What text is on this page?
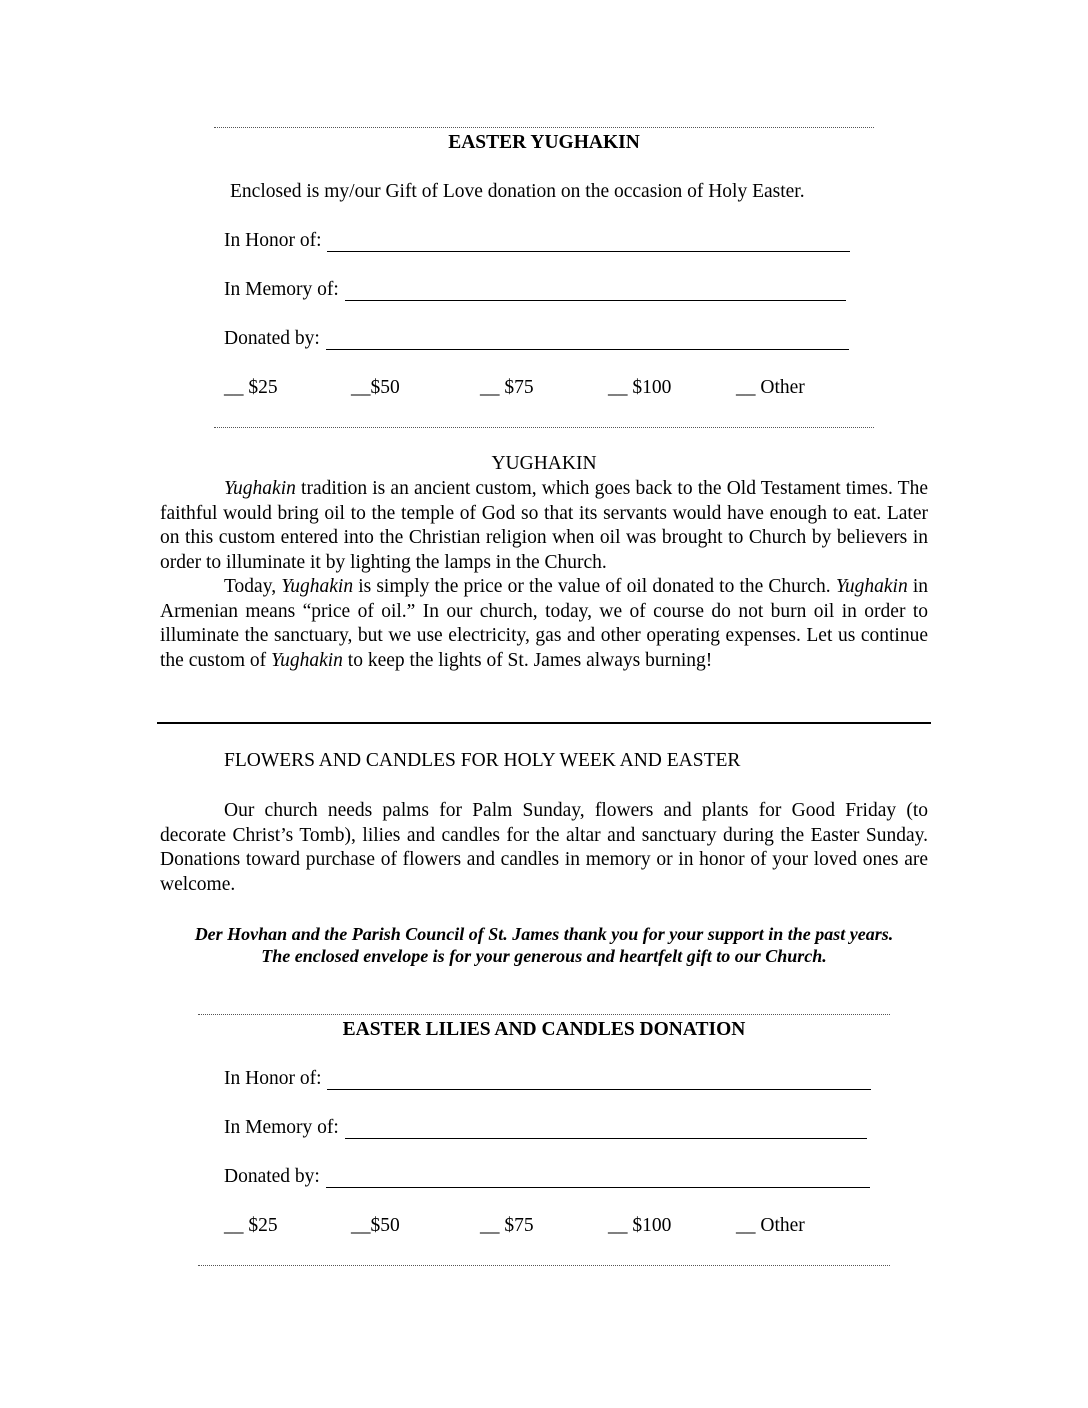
EASTER YUGHAKIN
Enclosed is my/our Gift of Love donation on the occasion of Holy Easter.
In Honor of:
In Memory of:
Donated by:
__ $25	__$50	__ $75	__ $100	__ Other
YUGHAKIN

Yughakin tradition is an ancient custom, which goes back to the Old Testament times. The faithful would bring oil to the temple of God so that its servants would have enough to eat. Later on this custom entered into the Christian religion when oil was brought to Church by believers in order to illuminate it by lighting the lamps in the Church.

Today, Yughakin is simply the price or the value of oil donated to the Church. Yughakin in Armenian means “price of oil.” In our church, today, we of course do not burn oil in order to illuminate the sanctuary, but we use electricity, gas and other operating expenses. Let us continue the custom of Yughakin to keep the lights of St. James always burning!

FLOWERS AND CANDLES FOR HOLY WEEK AND EASTER

Our church needs palms for Palm Sunday, flowers and plants for Good Friday (to decorate Christ’s Tomb), lilies and candles for the altar and sanctuary during the Easter Sunday. Donations toward purchase of flowers and candles in memory or in honor of your loved ones are welcome.

Der Hovhan and the Parish Council of St. James thank you for your support in the past years.
The enclosed envelope is for your generous and heartfelt gift to our Church.
EASTER LILIES AND CANDLES DONATION
In Honor of:
In Memory of:
Donated by:
__ $25	__$50	__ $75	__ $100	__ Other
